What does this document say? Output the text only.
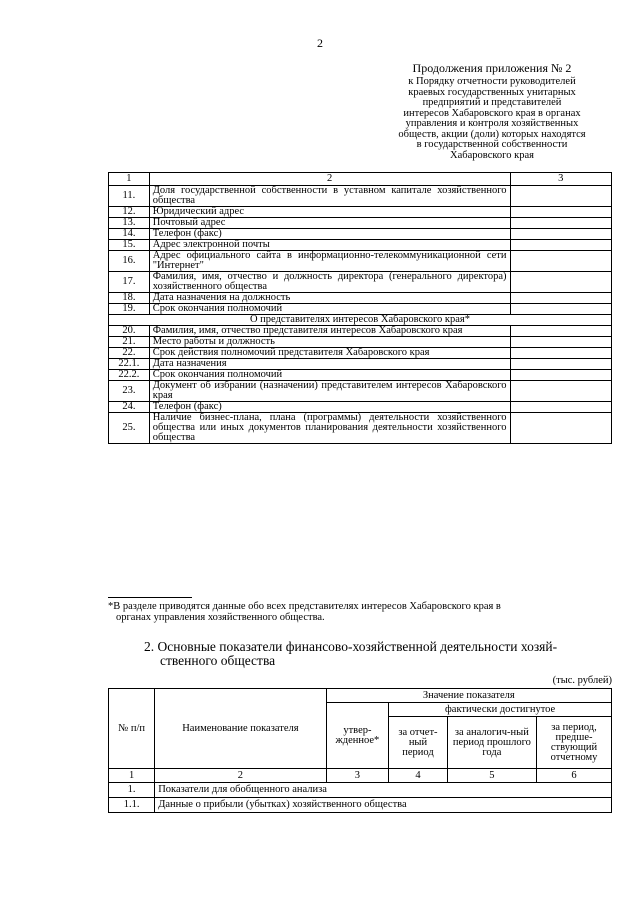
2
Продолжения приложения № 2
к Порядку отчетности руководителей
краевых государственных унитарных
предприятий и представителей
интересов Хабаровского края в органах
управления и контроля хозяйственных
обществ, акции (доли) которых находятся
в государственной собственности
Хабаровского края
1	2	3
11.	Доля государственной собственности в уставном капитале хозяйственного общества	
12.	Юридический адрес	
13.	Почтовый адрес	
14.	Телефон (факс)	
15.	Адрес электронной почты	
16.	Адрес официального сайта в информационно-телекоммуникационной сети "Интернет"	
17.	Фамилия, имя, отчество и должность директора (генерального директора) хозяйственного общества	
18.	Дата назначения на должность	
19.	Срок окончания полномочий	
О представителях интересов Хабаровского края*		
20.	Фамилия, имя, отчество представителя интересов Хабаровского края	
21.	Место работы и должность	
22.	Срок действия полномочий представителя Хабаровского края	
22.1.	Дата назначения	
22.2.	Срок окончания полномочий	
23.	Документ об избрании (назначении) представителем интересов Хабаровского края	
24.	Телефон (факс)	
25.	Наличие бизнес-плана, плана (программы) деятельности хозяйственного общества или иных документов планирования деятельности хозяйственного общества	
*В разделе приводятся данные обо всех представителях интересов Хабаровского края в
органах управления хозяйственного общества.
2. Основные показатели финансово-хозяйственной деятельности хозяй-
ственного общества
(тыс. рублей)
№ п/п	Наименование показателя	Значение показателя			
		утвер-жденное*	фактически достигнутое		
			за отчет-ный период	за аналогич-ный период прошлого года	за период, предше-ствующий отчетному
1	2	3	4	5	6
1.	Показатели для обобщенного анализа				
1.1.	Данные о прибыли (убытках) хозяйственного общества				
